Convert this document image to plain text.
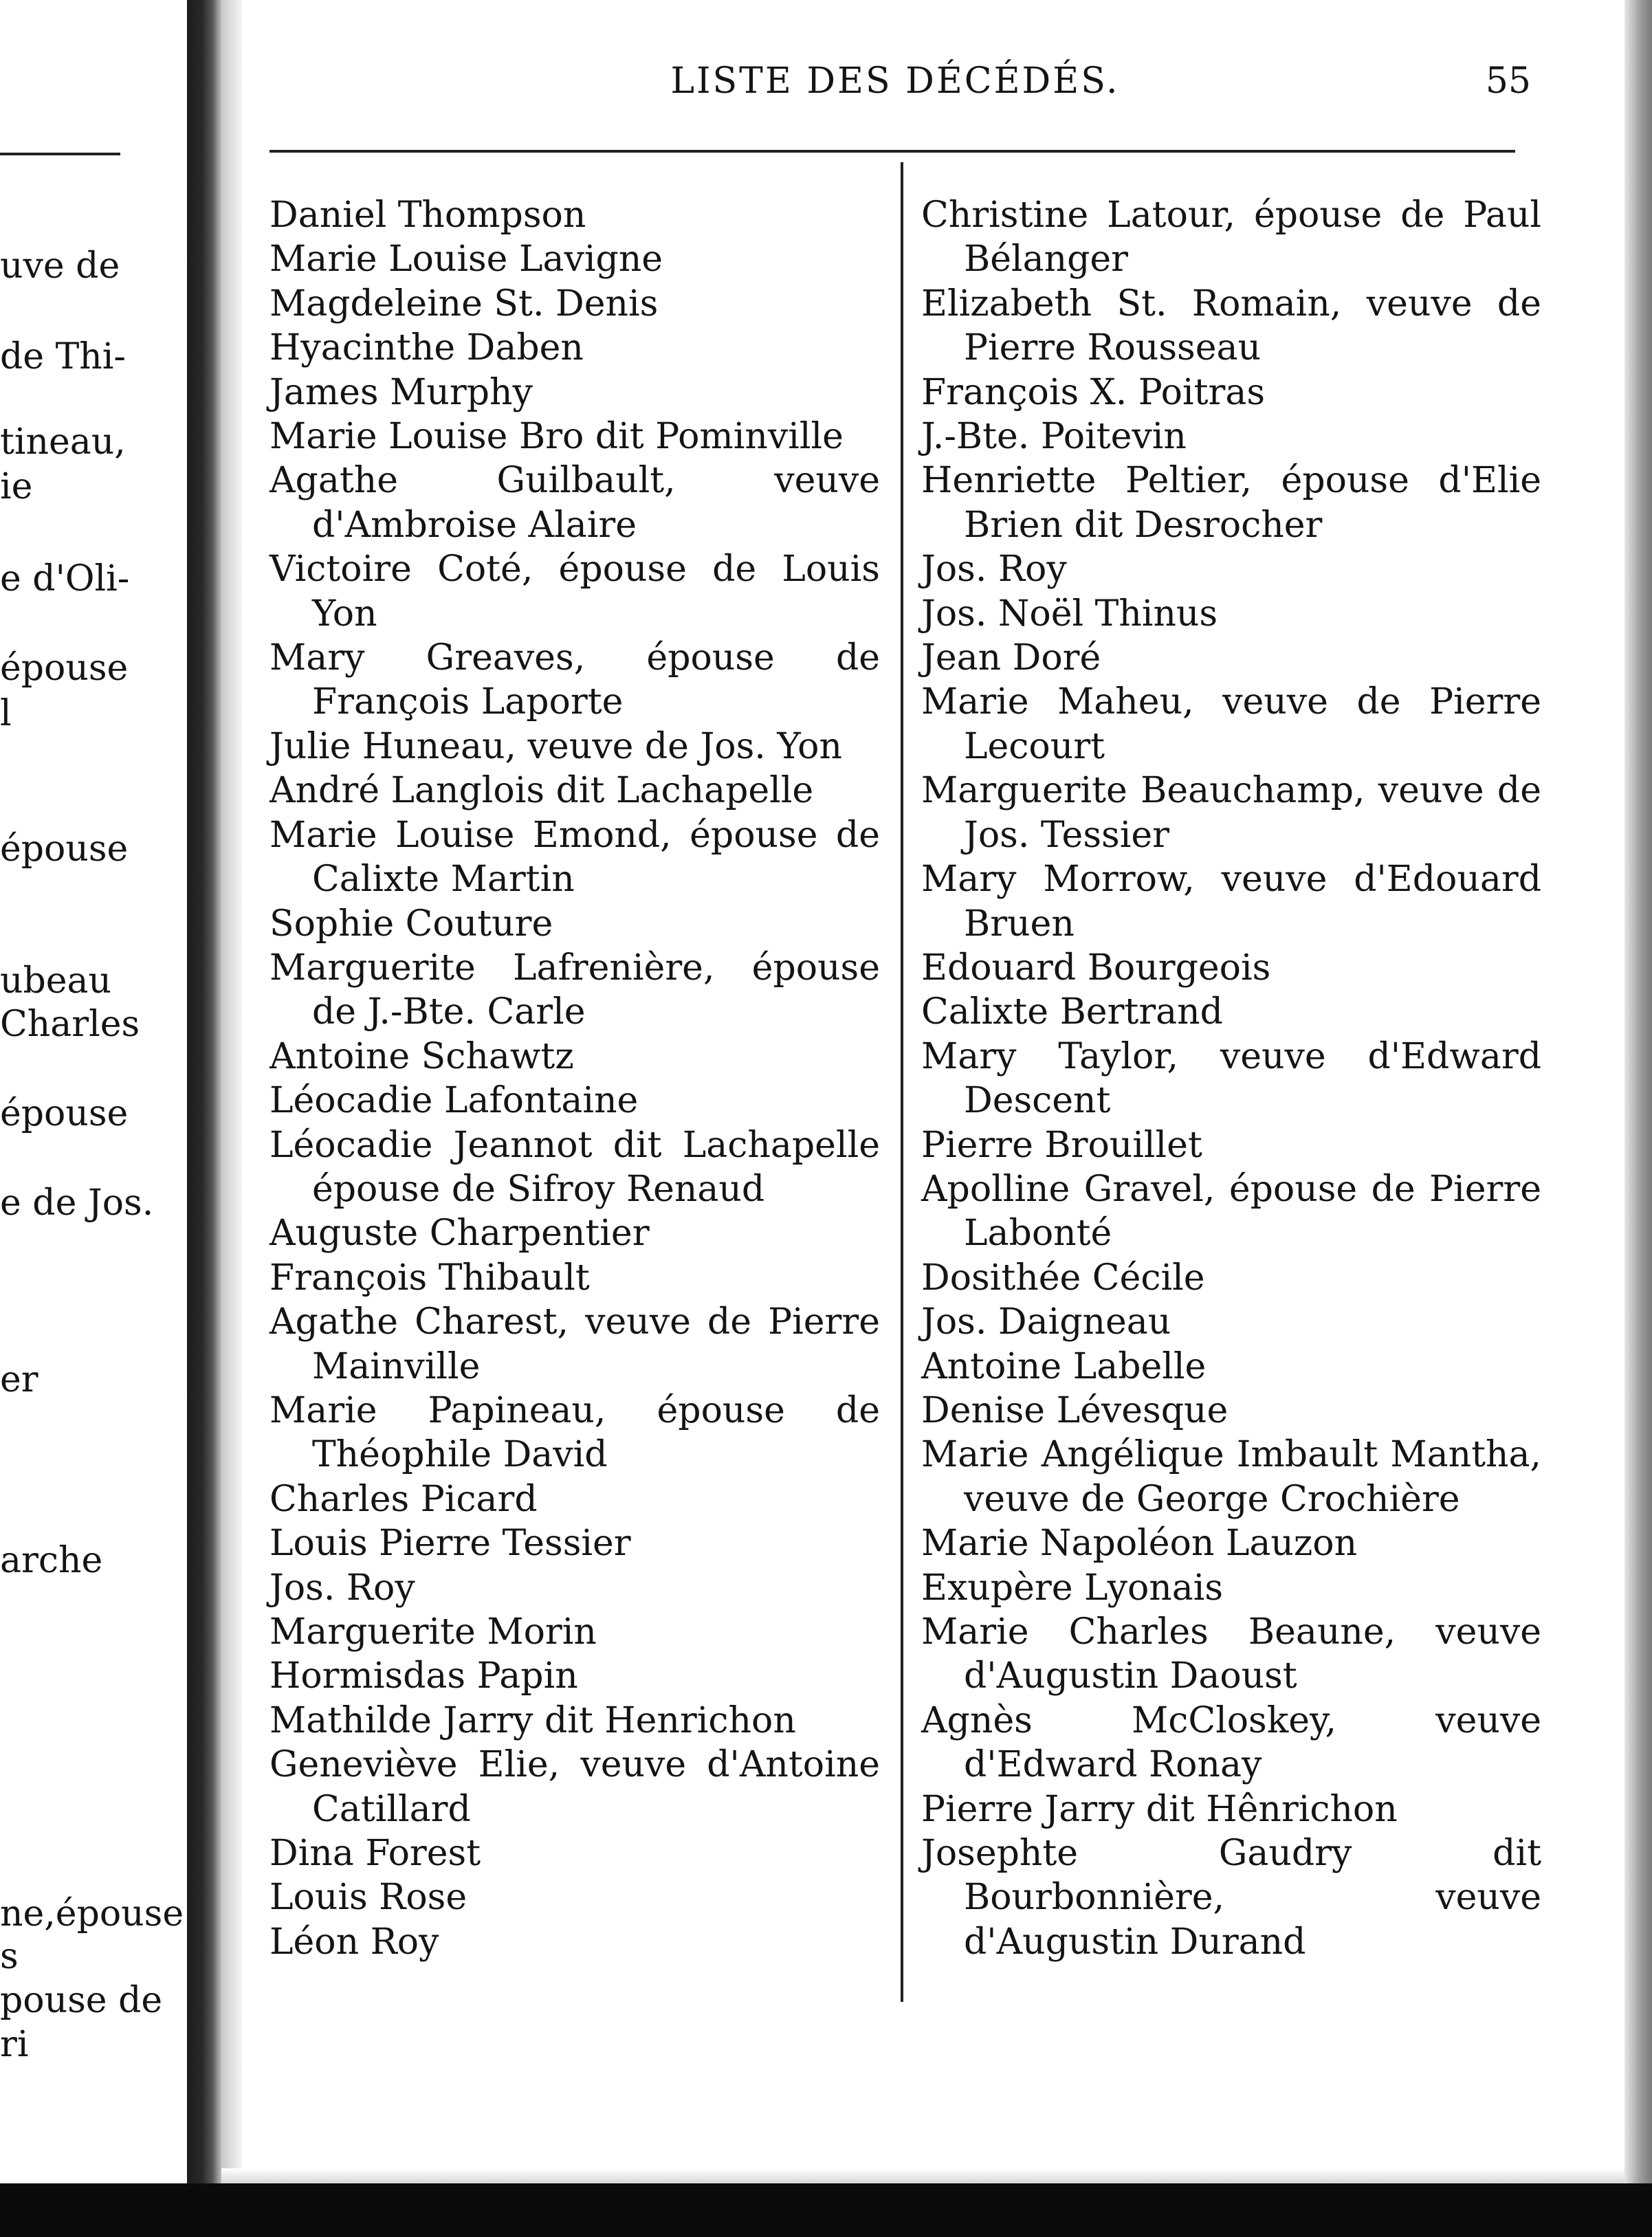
uve de
de Thi-
tineau,
ie
e d'Oli-
épouse
l
épouse
ubeau
Charles
épouse
e de Jos.
er
arche
ne,épouse
s
pouse de
ri
LISTE DES DÉCÉDÉS.	55

Daniel Thompson

Marie Louise Lavigne

Magdeleine St. Denis

Hyacinthe Daben

James Murphy

Marie Louise Bro dit Pominville

Agathe Guilbault, veuve d'Ambroise Alaire

Victoire Coté, épouse de Louis Yon

Mary Greaves, épouse de François Laporte

Julie Huneau, veuve de Jos. Yon

André Langlois dit Lachapelle

Marie Louise Emond, épouse de Calixte Martin

Sophie Couture

Marguerite Lafrenière, épouse de J.-Bte. Carle

Antoine Schawtz

Léocadie Lafontaine

Léocadie Jeannot dit Lachapelle épouse de Sifroy Renaud

Auguste Charpentier

François Thibault

Agathe Charest, veuve de Pierre Mainville

Marie Papineau, épouse de Théophile David

Charles Picard

Louis Pierre Tessier

Jos. Roy

Marguerite Morin

Hormisdas Papin

Mathilde Jarry dit Henrichon

Geneviève Elie, veuve d'Antoine Catillard

Dina Forest

Louis Rose

Léon Roy

Christine Latour, épouse de Paul Bélanger

Elizabeth St. Romain, veuve de Pierre Rousseau

François X. Poitras

J.-Bte. Poitevin

Henriette Peltier, épouse d'Elie Brien dit Desrocher

Jos. Roy

Jos. Noël Thinus

Jean Doré

Marie Maheu, veuve de Pierre Lecourt

Marguerite Beauchamp, veuve de Jos. Tessier

Mary Morrow, veuve d'Edouard Bruen

Edouard Bourgeois

Calixte Bertrand

Mary Taylor, veuve d'Edward Descent

Pierre Brouillet

Apolline Gravel, épouse de Pierre Labonté

Dosithée Cécile

Jos. Daigneau

Antoine Labelle

Denise Lévesque

Marie Angélique Imbault Mantha, veuve de George Crochière

Marie Napoléon Lauzon

Exupère Lyonais

Marie Charles Beaune, veuve d'Augustin Daoust

Agnès McCloskey, veuve d'Edward Ronay

Pierre Jarry dit Hênrichon

Josephte Gaudry dit Bourbonnière, veuve d'Augustin Durand
